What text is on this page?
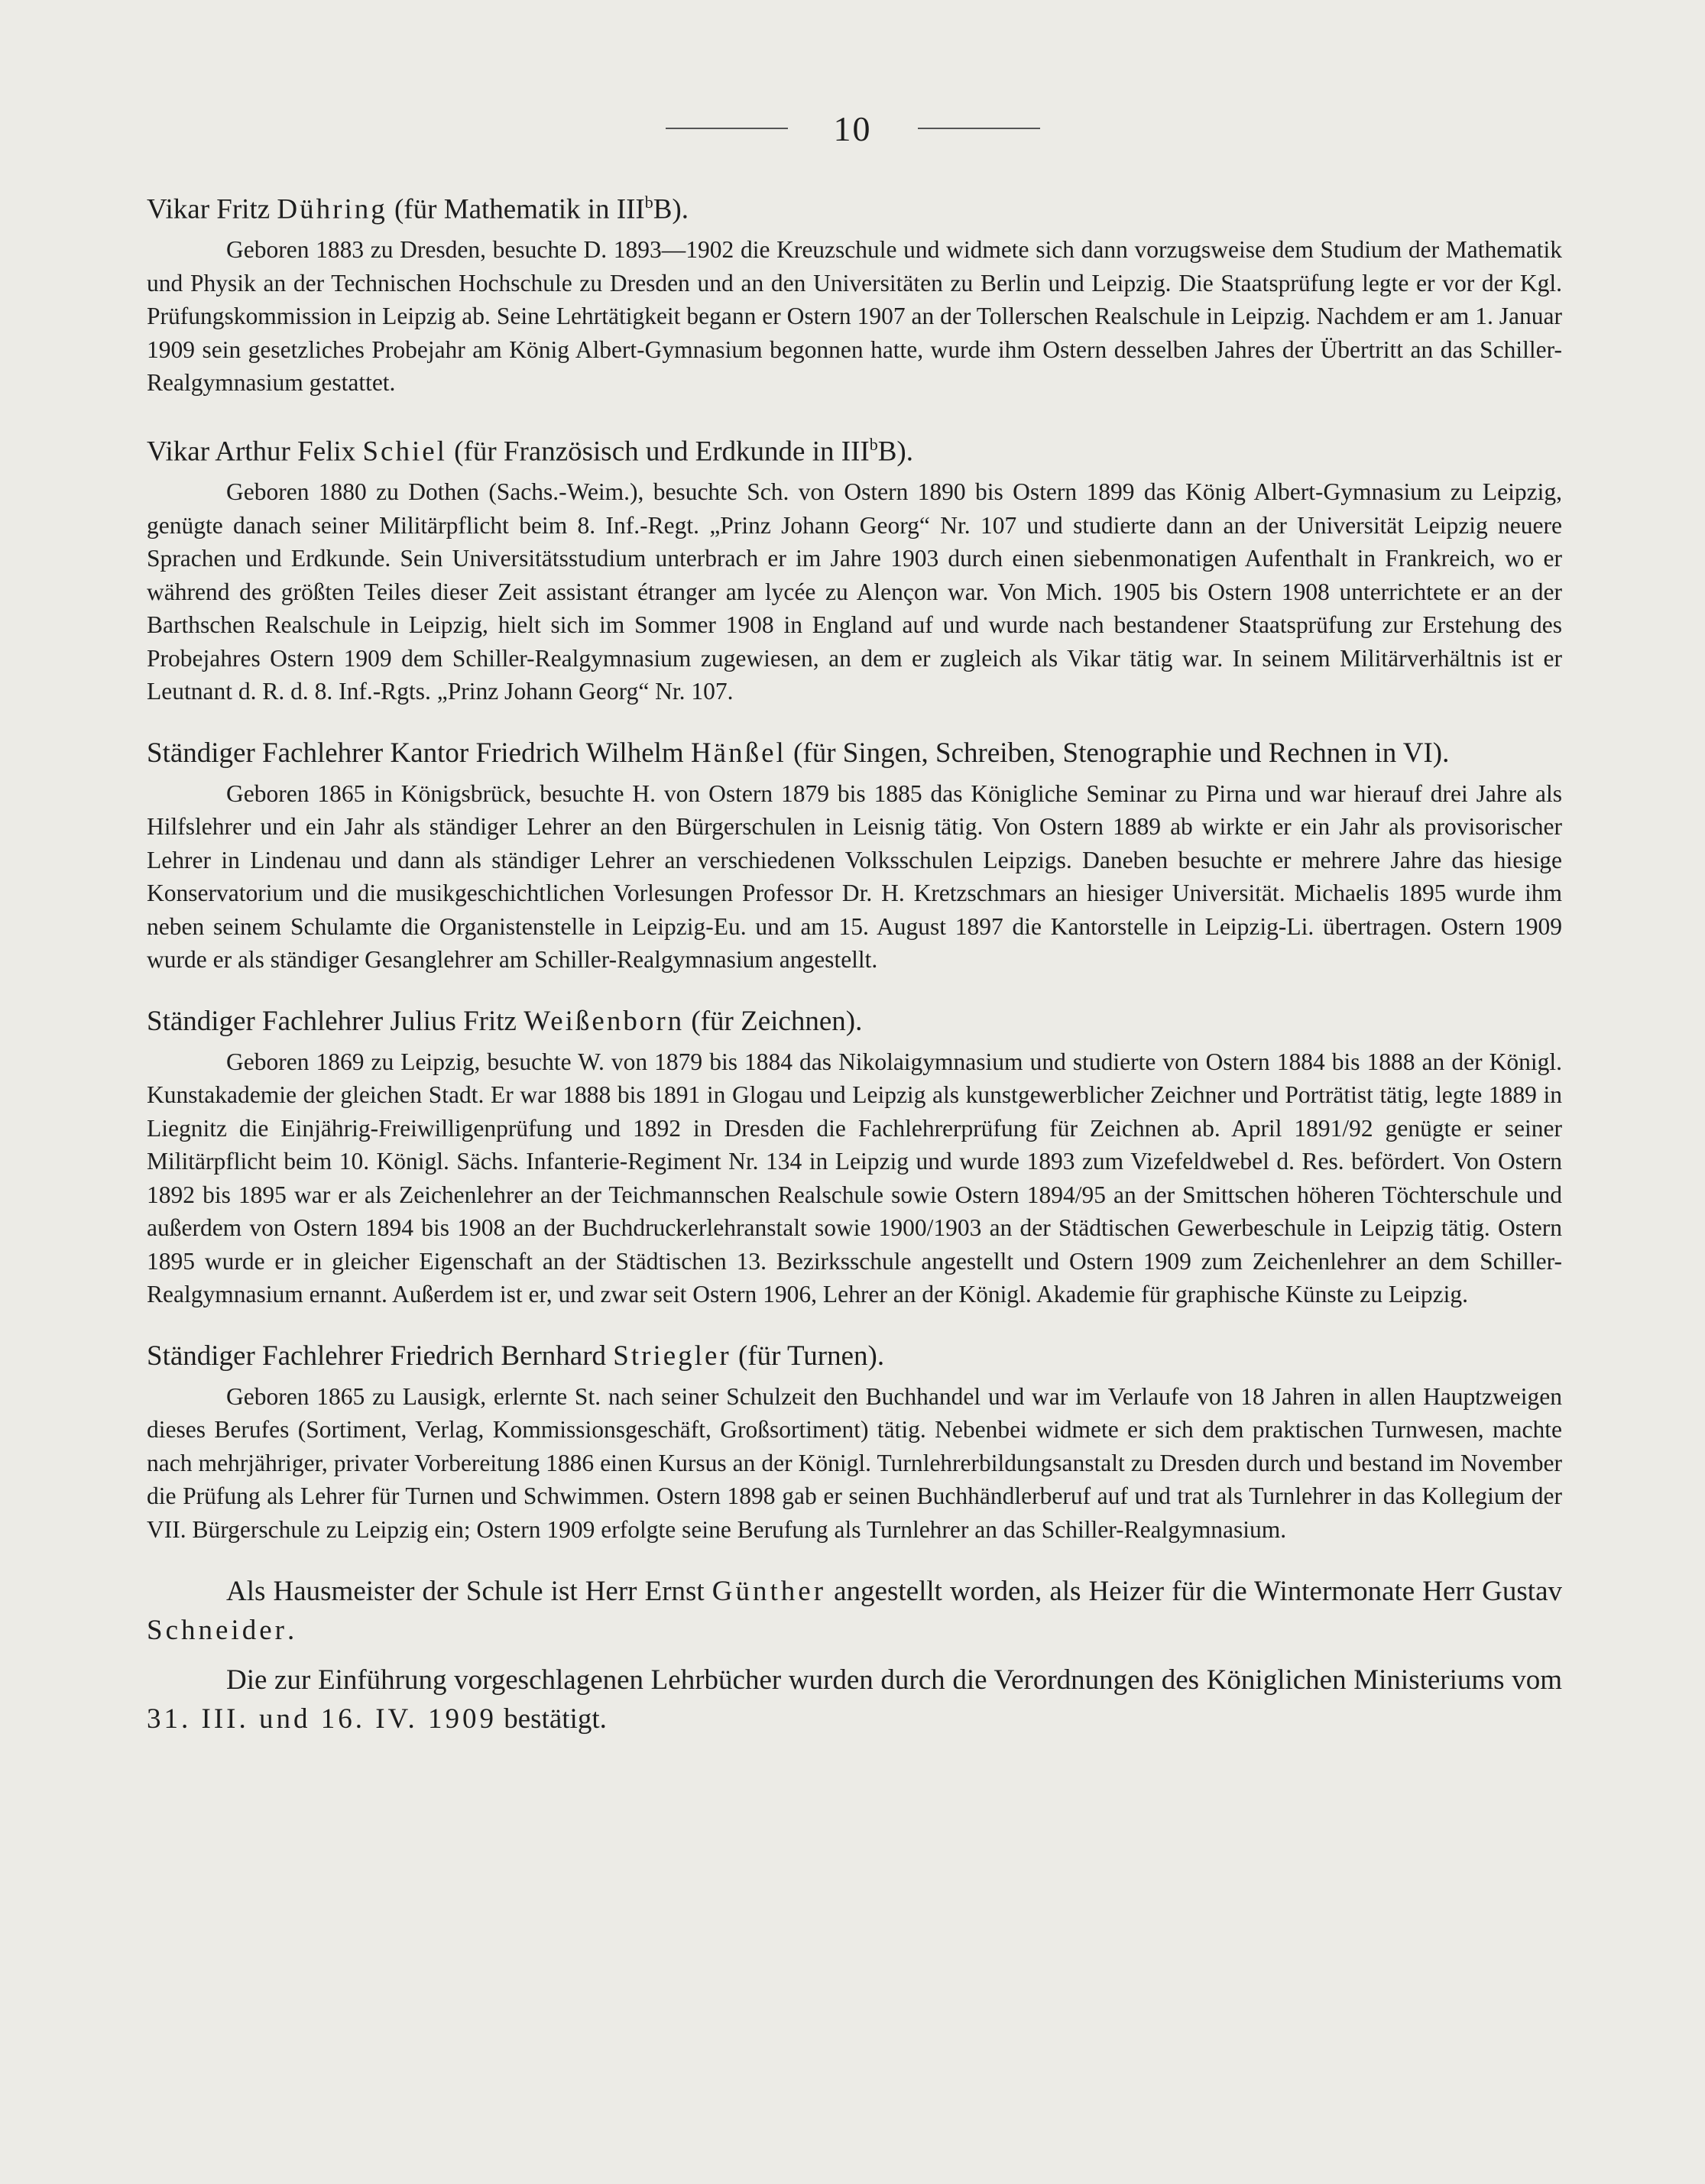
10

Vikar Fritz Dühring (für Mathematik in III$^b$B).

Geboren 1883 zu Dresden, besuchte D. 1893—1902 die Kreuzschule und widmete sich dann vorzugsweise dem Studium der Mathematik und Physik an der Technischen Hochschule zu Dresden und an den Universitäten zu Berlin und Leipzig. Die Staatsprüfung legte er vor der Kgl. Prüfungskommission in Leipzig ab. Seine Lehrtätigkeit begann er Ostern 1907 an der Tollerschen Realschule in Leipzig. Nachdem er am 1. Januar 1909 sein gesetzliches Probejahr am König Albert-Gymnasium begonnen hatte, wurde ihm Ostern desselben Jahres der Übertritt an das Schiller-Realgymnasium gestattet.

Vikar Arthur Felix Schiel (für Französisch und Erdkunde in III$^b$B).

Geboren 1880 zu Dothen (Sachs.-Weim.), besuchte Sch. von Ostern 1890 bis Ostern 1899 das König Albert-Gymnasium zu Leipzig, genügte danach seiner Militärpflicht beim 8. Inf.-Regt. „Prinz Johann Georg“ Nr. 107 und studierte dann an der Universität Leipzig neuere Sprachen und Erdkunde. Sein Universitätsstudium unterbrach er im Jahre 1903 durch einen siebenmonatigen Aufenthalt in Frankreich, wo er während des größten Teiles dieser Zeit assistant étranger am lycée zu Alençon war. Von Mich. 1905 bis Ostern 1908 unterrichtete er an der Barthschen Realschule in Leipzig, hielt sich im Sommer 1908 in England auf und wurde nach bestandener Staatsprüfung zur Erstehung des Probejahres Ostern 1909 dem Schiller-Realgymnasium zugewiesen, an dem er zugleich als Vikar tätig war. In seinem Militärverhältnis ist er Leutnant d. R. d. 8. Inf.-Rgts. „Prinz Johann Georg“ Nr. 107.

Ständiger Fachlehrer Kantor Friedrich Wilhelm Hänßel (für Singen, Schreiben, Stenographie und Rechnen in VI).

Geboren 1865 in Königsbrück, besuchte H. von Ostern 1879 bis 1885 das Königliche Seminar zu Pirna und war hierauf drei Jahre als Hilfslehrer und ein Jahr als ständiger Lehrer an den Bürgerschulen in Leisnig tätig. Von Ostern 1889 ab wirkte er ein Jahr als provisorischer Lehrer in Lindenau und dann als ständiger Lehrer an verschiedenen Volksschulen Leipzigs. Daneben besuchte er mehrere Jahre das hiesige Konservatorium und die musikgeschichtlichen Vorlesungen Professor Dr. H. Kretzschmars an hiesiger Universität. Michaelis 1895 wurde ihm neben seinem Schulamte die Organistenstelle in Leipzig-Eu. und am 15. August 1897 die Kantorstelle in Leipzig-Li. übertragen. Ostern 1909 wurde er als ständiger Gesanglehrer am Schiller-Realgymnasium angestellt.

Ständiger Fachlehrer Julius Fritz Weißenborn (für Zeichnen).

Geboren 1869 zu Leipzig, besuchte W. von 1879 bis 1884 das Nikolaigymnasium und studierte von Ostern 1884 bis 1888 an der Königl. Kunstakademie der gleichen Stadt. Er war 1888 bis 1891 in Glogau und Leipzig als kunstgewerblicher Zeichner und Porträtist tätig, legte 1889 in Liegnitz die Einjährig-Freiwilligenprüfung und 1892 in Dresden die Fachlehrerprüfung für Zeichnen ab. April 1891/92 genügte er seiner Militärpflicht beim 10. Königl. Sächs. Infanterie-Regiment Nr. 134 in Leipzig und wurde 1893 zum Vizefeldwebel d. Res. befördert. Von Ostern 1892 bis 1895 war er als Zeichenlehrer an der Teichmannschen Realschule sowie Ostern 1894/95 an der Smittschen höheren Töchterschule und außerdem von Ostern 1894 bis 1908 an der Buchdruckerlehranstalt sowie 1900/1903 an der Städtischen Gewerbeschule in Leipzig tätig. Ostern 1895 wurde er in gleicher Eigenschaft an der Städtischen 13. Bezirksschule angestellt und Ostern 1909 zum Zeichenlehrer an dem Schiller-Realgymnasium ernannt. Außerdem ist er, und zwar seit Ostern 1906, Lehrer an der Königl. Akademie für graphische Künste zu Leipzig.

Ständiger Fachlehrer Friedrich Bernhard Striegler (für Turnen).

Geboren 1865 zu Lausigk, erlernte St. nach seiner Schulzeit den Buchhandel und war im Verlaufe von 18 Jahren in allen Hauptzweigen dieses Berufes (Sortiment, Verlag, Kommissionsgeschäft, Großsortiment) tätig. Nebenbei widmete er sich dem praktischen Turnwesen, machte nach mehrjähriger, privater Vorbereitung 1886 einen Kursus an der Königl. Turnlehrerbildungsanstalt zu Dresden durch und bestand im November die Prüfung als Lehrer für Turnen und Schwimmen. Ostern 1898 gab er seinen Buchhändlerberuf auf und trat als Turnlehrer in das Kollegium der VII. Bürgerschule zu Leipzig ein; Ostern 1909 erfolgte seine Berufung als Turnlehrer an das Schiller-Realgymnasium.

Als Hausmeister der Schule ist Herr Ernst Günther angestellt worden, als Heizer für die Wintermonate Herr Gustav Schneider.

Die zur Einführung vorgeschlagenen Lehrbücher wurden durch die Verordnungen des Königlichen Ministeriums vom 31. III. und 16. IV. 1909 bestätigt.
